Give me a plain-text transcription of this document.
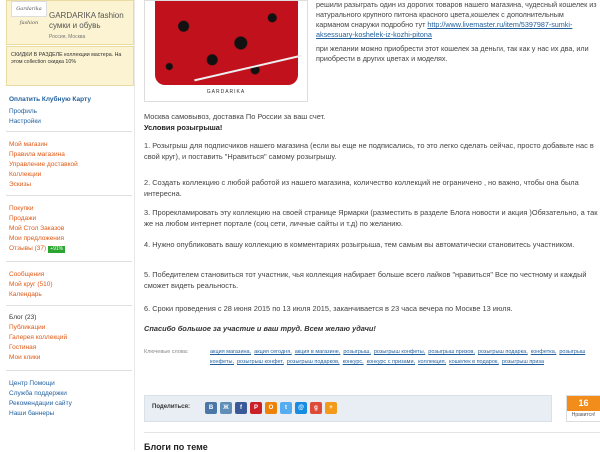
Gardarika fashion
GARDARIKA fashion сумки и обувь
Россия, Москва
СКИДКИ В РАЗДЕЛЕ коллекции мастера. На этом collection скидка 10%
Оплатить Клубную Карту
Профиль
Настройки
Мой магазин
Правила магазина
Управление доставкой
Коллекции
Эскизы
Покупки
Продажи
Мой Стол Заказов
Мои предложения
Отзывы (37) +91%
Сообщения
Мой круг (510)
Календарь
Блог (23)
Публикации
Галерея коллекций
Гостиная
Мои клики
Центр Помощи
Служба поддержки
Рекомендации сайту
Наши баннеры
GARDARIKA
решили разыграть один из дорогих товаров нашего магазина, чудесный кошелек из натурального крупного питона красного цвета,кошелек с дополнительным карманом снаружи подробно тут http://www.livemaster.ru/item/5397987-sumki-aksessuary-koshelek-iz-kozhi-pitona
при желании можно приобрести этот кошелек за деньги, так как у нас их два, или приобрести в других цветах и моделях.
Москва самовывоз, доставка По России за ваш счет.
Условия розыгрыша!
1. Розыгрыш для подписчиков нашего магазина (если вы еще не подписались, то это легко сделать сейчас, просто добавьте нас в свой круг), и поставить "Нравиться" самому розыгрышу.
2. Создать коллекцию с любой работой из нашего магазина, количество коллекций не ограничено , но важно, чтобы она была интересна.
3. Прорекламировать эту коллекцию на своей странице Ярмарки (разместить в разделе Блога новости и акция )Обязательно, а так же на любом интернет портале (соц сети, личные сайты и т.д) по желанию.
4. Нужно опубликовать вашу коллекцию в комментариях розыгрыша, тем самым вы автоматически становитесь участником.
5. Победителем становиться тот участник, чья коллекция набирает больше всего лайков "нравиться" Все по честному и каждый сможет видеть реальность.
6. Сроки проведения с 28 июня 2015 по 13 июля 2015, заканчивается в 23 часа вечера по Москве 13 июля.
Спасибо большое за участие и ваш труд. Всем желаю удачи!
Ключевые слова:	акция магазина, акция сегодня, акция в магазине, розыгрыш, розыгрыш конфеты, розыгрыш призов, розыгрыш подарка, конфетка, розыгрыш конфеты, розыгрыш конфет, розыгрыш подарков, конкурс, конкурс с призами, коллекция, кошелек в подарок, розыгрыш приза
Поделиться:	В	Ж	f	P	О	t	@	g	+	16
Нравится!
Блоги по теме
